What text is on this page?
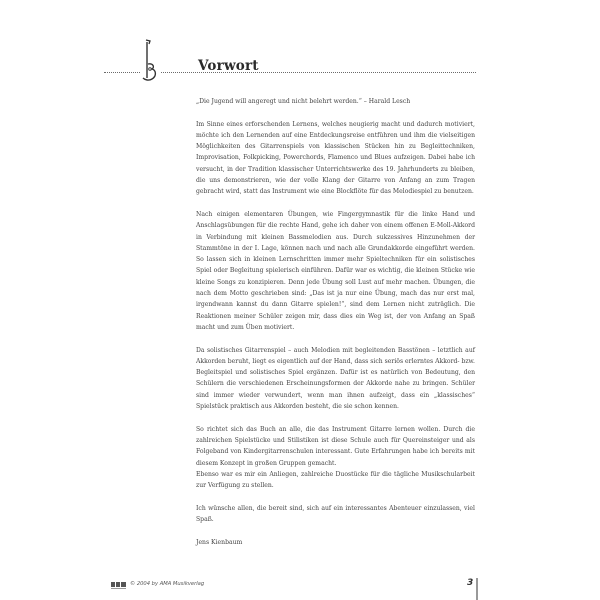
Vorwort

„Die Jugend will angeregt und nicht belehrt werden.“ – Harald Lesch

Im Sinne eines erforschenden Lernens, welches neugierig macht und dadurch motiviert, möchte ich den Lernenden auf eine Entdeckungsreise entführen und ihm die vielseitigen Möglichkeiten des Gitarrenspiels von klassischen Stücken hin zu Begleittechniken, Improvisation, Folkpicking, Powerchords, Flamenco und Blues aufzeigen. Dabei habe ich versucht, in der Tradition klassischer Unterrichtswerke des 19. Jahrhunderts zu bleiben, die uns demonstrieren, wie der volle Klang der Gitarre von Anfang an zum Tragen gebracht wird, statt das Instrument wie eine Blockflöte für das Melodiespiel zu benutzen.

Nach einigen elementaren Übungen, wie Fingergymnastik für die linke Hand und Anschlagsübungen für die rechte Hand, gehe ich daher von einem offenen E-Moll-Akkord in Verbindung mit kleinen Bassmelodien aus. Durch sukzessives Hinzunehmen der Stammtöne in der I. Lage, können nach und nach alle Grundakkorde eingeführt werden. So lassen sich in kleinen Lernschritten immer mehr Spieltechniken für ein solistisches Spiel oder Begleitung spielerisch einführen. Dafür war es wichtig, die kleinen Stücke wie kleine Songs zu konzipieren. Denn jede Übung soll Lust auf mehr machen. Übungen, die nach dem Motto geschrieben sind: „Das ist ja nur eine Übung, mach das nur erst mal, irgendwann kannst du dann Gitarre spielen!“, sind dem Lernen nicht zuträglich. Die Reaktionen meiner Schüler zeigen mir, dass dies ein Weg ist, der von Anfang an Spaß macht und zum Üben motiviert.

Da solistisches Gitarrenspiel – auch Melodien mit begleitenden Basstönen – letztlich auf Akkorden beruht, liegt es eigentlich auf der Hand, dass sich seriös erlerntes Akkord- bzw. Begleitspiel und solistisches Spiel ergänzen. Dafür ist es natürlich von Bedeutung, den Schülern die verschiedenen Erscheinungsformen der Akkorde nahe zu bringen. Schüler sind immer wieder verwundert, wenn man ihnen aufzeigt, dass ein „klassisches“ Spielstück praktisch aus Akkorden besteht, die sie schon kennen.

So richtet sich das Buch an alle, die das Instrument Gitarre lernen wollen. Durch die zahlreichen Spielstücke und Stilistiken ist diese Schule auch für Quereinsteiger und als Folgeband von Kindergitarrenschulen interessant. Gute Erfahrungen habe ich bereits mit diesem Konzept in großen Gruppen gemacht.

Ebenso war es mir ein Anliegen, zahlreiche Duostücke für die tägliche Musikschularbeit zur Verfügung zu stellen.

Ich wünsche allen, die bereit sind, sich auf ein interessantes Abenteuer einzulassen, viel Spaß.

Jens Kienbaum

© 2004 by AMA Musikverlag	3
